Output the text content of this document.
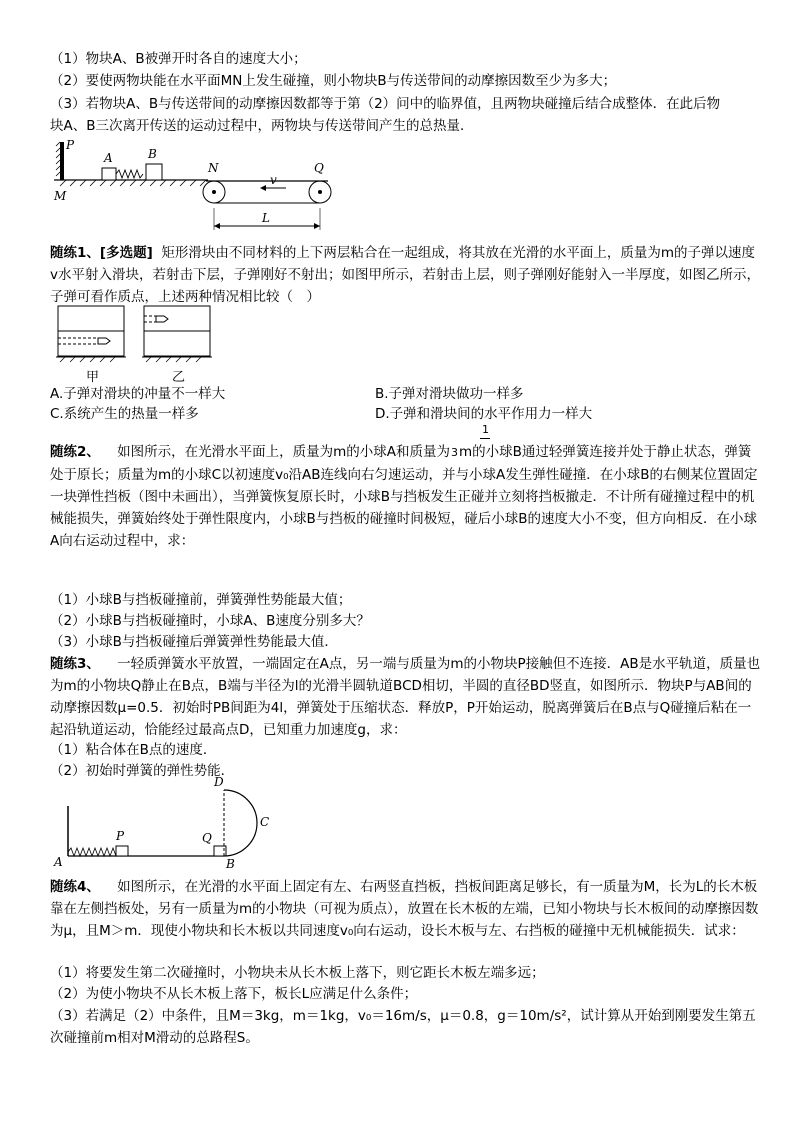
（1）物块A、B被弹开时各自的速度大小；
（2）要使两物块能在水平面MN上发生碰撞，则小物块B与传送带间的动摩擦因数至少为多大；
（3）若物块A、B与传送带间的动摩擦因数都等于第（2）问中的临界值，且两物块碰撞后结合成整体．在此后物
块A、B三次离开传送的运动过程中，两物块与传送带间产生的总热量．
P
M
A	B
N	Q
v
L
随练1、[多选题] 矩形滑块由不同材料的上下两层粘合在一起组成，将其放在光滑的水平面上，质量为m的子弹以速度v水平射入滑块，若射击下层，子弹刚好不射出；如图甲所示，若射击上层，则子弹刚好能射入一半厚度，如图乙所示，子弹可看作质点，上述两种情况相比较（　）
甲	乙
A.子弹对滑块的冲量不一样大	B.子弹对滑块做功一样多
C.系统产生的热量一样多	D.子弹和滑块间的水平作用力一样大
1
随练2、 如图所示，在光滑水平面上，质量为m的小球A和质量为3m的小球B通过轻弹簧连接并处于静止状态，弹簧处于原长；质量为m的小球C以初速度v₀沿AB连线向右匀速运动，并与小球A发生弹性碰撞．在小球B的右侧某位置固定一块弹性挡板（图中未画出），当弹簧恢复原长时，小球B与挡板发生正碰并立刻将挡板撤走．不计所有碰撞过程中的机械能损失，弹簧始终处于弹性限度内，小球B与挡板的碰撞时间极短，碰后小球B的速度大小不变，但方向相反．在小球A向右运动过程中，求：
（1）小球B与挡板碰撞前，弹簧弹性势能最大值；
（2）小球B与挡板碰撞时，小球A、B速度分别多大？
（3）小球B与挡板碰撞后弹簧弹性势能最大值．
随练3、 一轻质弹簧水平放置，一端固定在A点，另一端与质量为m的小物块P接触但不连接．AB是水平轨道，质量也为m的小物块Q静止在B点，B端与半径为l的光滑半圆轨道BCD相切，半圆的直径BD竖直，如图所示．物块P与AB间的动摩擦因数μ=0.5．初始时PB间距为4l，弹簧处于压缩状态．释放P，P开始运动，脱离弹簧后在B点与Q碰撞后粘在一起沿轨道运动，恰能经过最高点D，已知重力加速度g，求：
（1）粘合体在B点的速度．
（2）初始时弹簧的弹性势能．
A
P	Q
B
C
D
随练4、 如图所示，在光滑的水平面上固定有左、右两竖直挡板，挡板间距离足够长，有一质量为M，长为L的长木板靠在左侧挡板处，另有一质量为m的小物块（可视为质点），放置在长木板的左端，已知小物块与长木板间的动摩擦因数为μ，且M＞m．现使小物块和长木板以共同速度v₀向右运动，设长木板与左、右挡板的碰撞中无机械能损失．试求：
（1）将要发生第二次碰撞时，小物块未从长木板上落下，则它距长木板左端多远；
（2）为使小物块不从长木板上落下，板长L应满足什么条件；
（3）若满足（2）中条件，且M＝3kg，m＝1kg，v₀＝16m/s，μ＝0.8，g＝10m/s²，试计算从开始到刚要发生第五
次碰撞前m相对M滑动的总路程S。
